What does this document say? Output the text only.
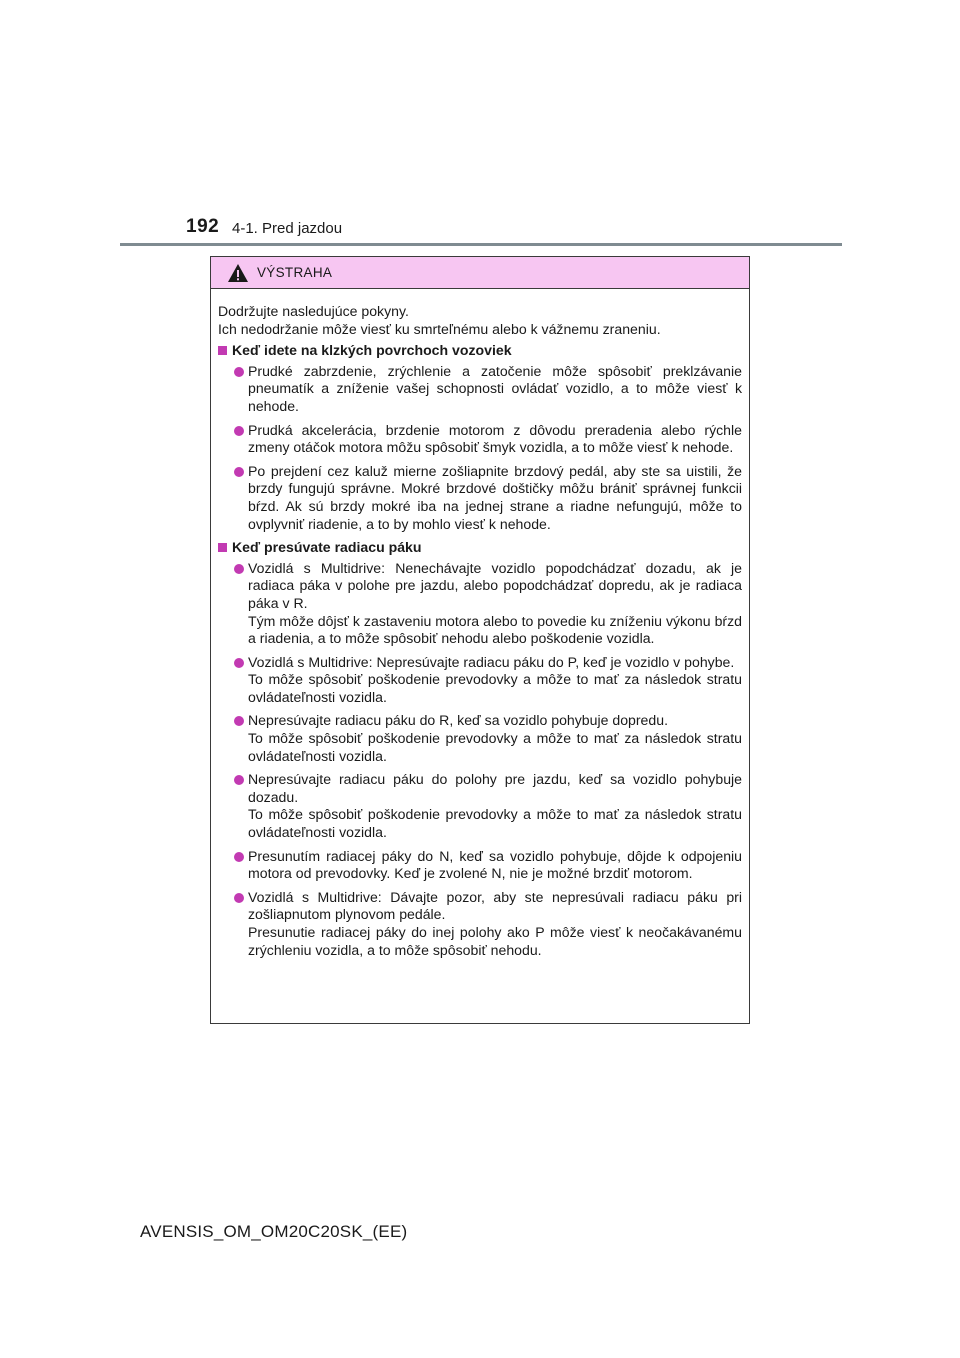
192 4-1. Pred jazdou
VÝSTRAHA

Dodržujte nasledujúce pokyny.

Ich nedodržanie môže viesť ku smrteľnému alebo k vážnemu zraneniu.

Keď idete na klzkých povrchoch vozoviek

Prudké zabrzdenie, zrýchlenie a zatočenie môže spôsobiť preklzávanie pneumatík a zníženie vašej schopnosti ovládať vozidlo, a to môže viesť k nehode.

Prudká akcelerácia, brzdenie motorom z dôvodu preradenia alebo rýchle zmeny otáčok motora môžu spôsobiť šmyk vozidla, a to môže viesť k nehode.

Po prejdení cez kaluž mierne zošliapnite brzdový pedál, aby ste sa uistili, že brzdy fungujú správne. Mokré brzdové doštičky môžu brániť správnej funkcii bŕzd. Ak sú brzdy mokré iba na jednej strane a riadne nefungujú, môže to ovplyvniť riadenie, a to by mohlo viesť k nehode.

Keď presúvate radiacu páku

Vozidlá s Multidrive: Nenechávajte vozidlo popodchádzať dozadu, ak je radiaca páka v polohe pre jazdu, alebo popodchádzať dopredu, ak je radiaca páka v R.

Tým môže dôjsť k zastaveniu motora alebo to povedie ku zníženiu výkonu bŕzd a riadenia, a to môže spôsobiť nehodu alebo poškodenie vozidla.

Vozidlá s Multidrive: Nepresúvajte radiacu páku do P, keď je vozidlo v pohybe.

To môže spôsobiť poškodenie prevodovky a môže to mať za následok stratu ovládateľnosti vozidla.

Nepresúvajte radiacu páku do R, keď sa vozidlo pohybuje dopredu.

To môže spôsobiť poškodenie prevodovky a môže to mať za následok stratu ovládateľnosti vozidla.

Nepresúvajte radiacu páku do polohy pre jazdu, keď sa vozidlo pohybuje dozadu.

To môže spôsobiť poškodenie prevodovky a môže to mať za následok stratu ovládateľnosti vozidla.

Presunutím radiacej páky do N, keď sa vozidlo pohybuje, dôjde k odpojeniu motora od prevodovky. Keď je zvolené N, nie je možné brzdiť motorom.

Vozidlá s Multidrive: Dávajte pozor, aby ste nepresúvali radiacu páku pri zošliapnutom plynovom pedále.

Presunutie radiacej páky do inej polohy ako P môže viesť k neočakávanému zrýchleniu vozidla, a to môže spôsobiť nehodu.

AVENSIS_OM_OM20C20SK_(EE)
